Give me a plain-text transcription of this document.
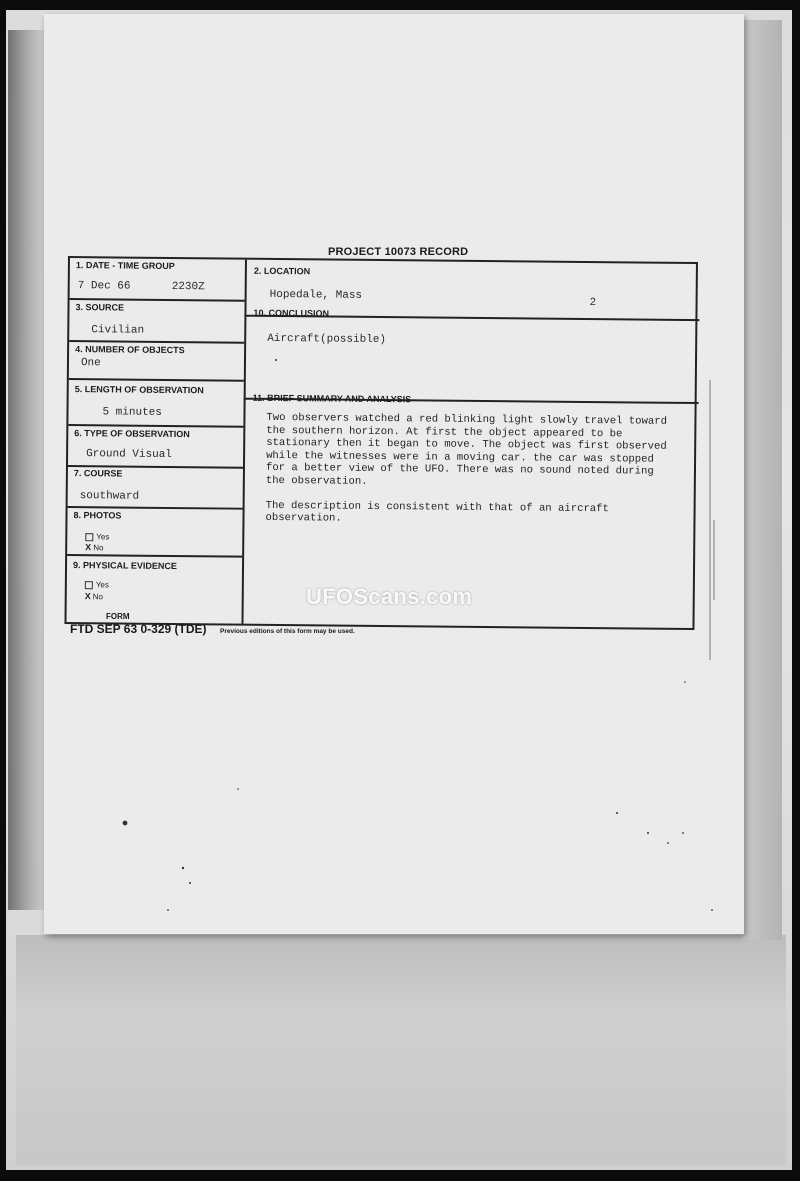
PROJECT 10073 RECORD
1. DATE - TIME GROUP
7 Dec 66	2230Z
2. LOCATION
Hopedale, Mass
2
3. SOURCE
Civilian
10. CONCLUSION
Aircraft(possible)
4. NUMBER OF OBJECTS
One
5. LENGTH OF OBSERVATION
5 minutes
11. BRIEF SUMMARY AND ANALYSIS

Two observers watched a red blinking light slowly travel toward the southern horizon. At first the object appeared to be stationary then it began to move. The object was first observed while the witnesses were in a moving car. the car was stopped for a better view of the UFO. There was no sound noted during the observation.

The description is consistent with that of an aircraft observation.

6. TYPE OF OBSERVATION
Ground Visual
7. COURSE
southward
8. PHOTOS
Yes
X No
9. PHYSICAL EVIDENCE
Yes
X No
FORM
FTD SEP 63 0-329 (TDE) Previous editions of this form may be used.
UFOScans.com
